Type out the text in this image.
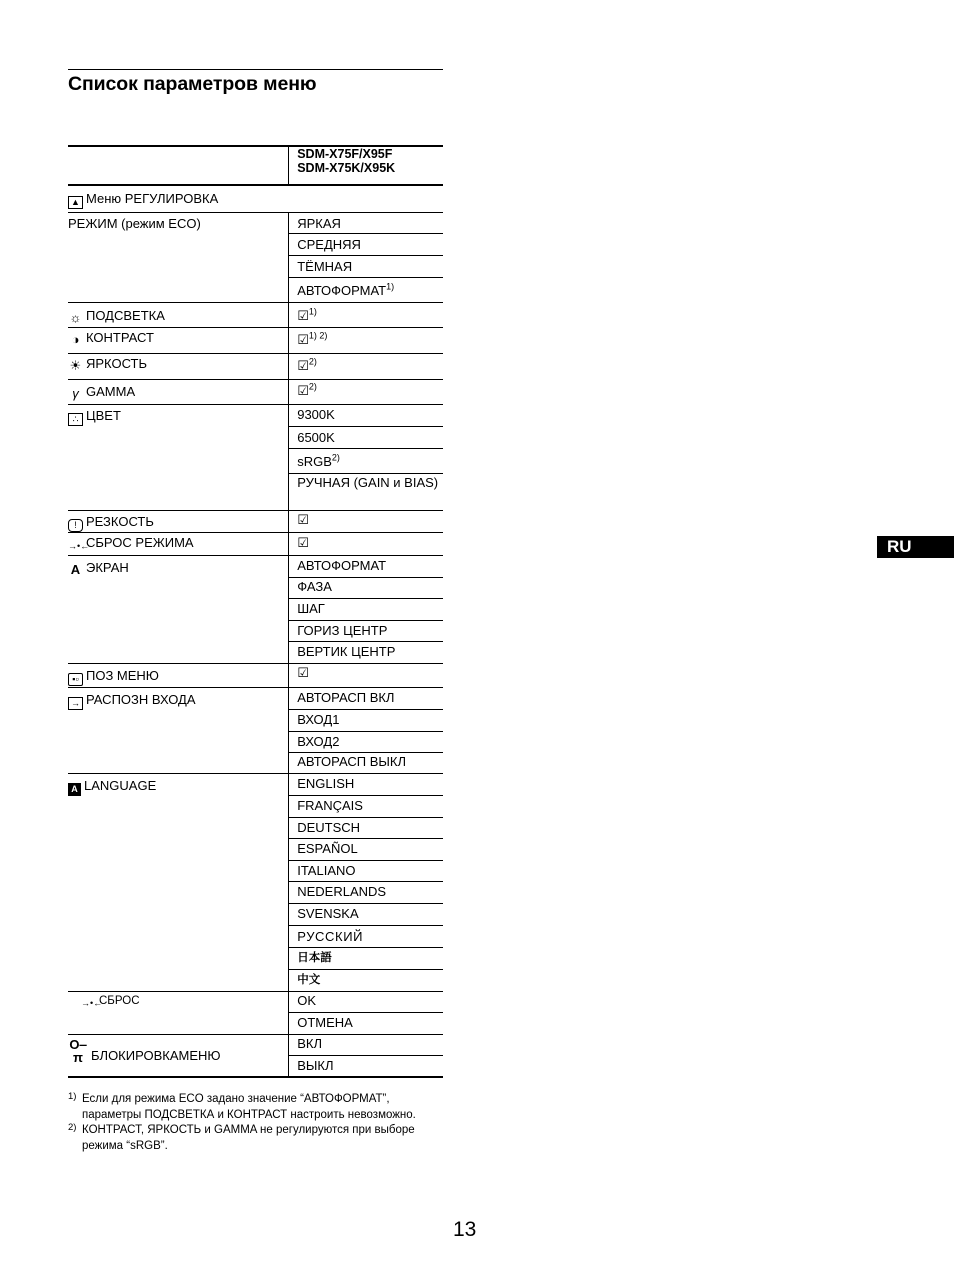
Список параметров меню

	SDM-X75F/X95F
SDM-X75K/X95K

▲ Меню РЕГУЛИРОВКА	
РЕЖИМ (режим ECO)	ЯРКАЯ
	СРЕДНЯЯ
	ТЁМНАЯ
	АВТОФОРМАТ$^{1)}$
☼ ПОДСВЕТКА	☑$^{1)}$
◑ КОНТРАСТ	☑$^{1) 2)}$
☀ ЯРКОСТЬ	☑$^{2)}$
γ GAMMA	☑$^{2)}$
∴ ЦВЕТ	9300K
	6500K
	sRGB$^{2)}$
	РУЧНАЯ (GAIN и BIAS)
! РЕЗКОСТЬ	☑
→•←СБРОС РЕЖИМА	☑
A ЭКРАН	АВТОФОРМАТ
	ФАЗА
	ШАГ
	ГОРИЗ ЦЕНТР
	ВЕРТИК ЦЕНТР
▪▫ ПОЗ МЕНЮ	☑
→ РАСПОЗН ВХОДА	АВТОРАСП ВКЛ
	ВХОД1
	ВХОД2
	АВТОРАСП ВЫКЛ
A LANGUAGE	ENGLISH
	FRANÇAIS
	DEUTSCH
	ESPAÑOL
	ITALIANO
	NEDERLANDS
	SVENSKA
	РУССКИЙ
	日本語
	中文
→•←СБРОС	OK
	ОТМЕНА
O‒π БЛОКИРОВКАМЕНЮ	ВКЛ
	ВЫКЛ
RU
1) Если для режима ECO задано значение “АВТОФОРМАТ”, параметры ПОДСВЕТКА и КОНТРАСТ настроить невозможно.
2) КОНТРАСТ, ЯРКОСТЬ и GAMMA не регулируются при выборе режима “sRGB”.
13
